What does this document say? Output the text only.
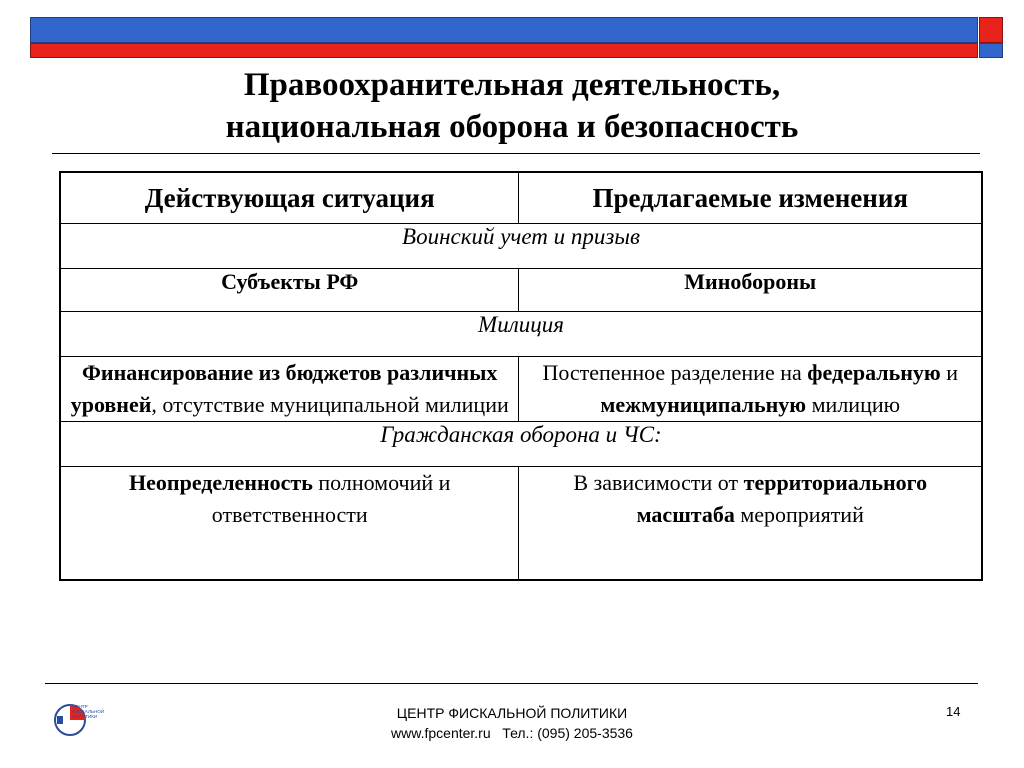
Правоохранительная деятельность,
национальная оборона и безопасность
Действующая ситуация	Предлагаемые изменения
Воинский учет и призыв	
Субъекты РФ	Минобороны
Милиция	
Финансирование из бюджетов различных уровней, отсутствие муниципальной милиции	Постепенное разделение на федеральную и межмуниципальную милицию
Гражданская оборона и ЧС:	
Неопределенность полномочий и ответственности	В зависимости от территориального масштаба мероприятий
ЦЕНТР
ФИСКАЛЬНОЙ
ПОЛИТИКИ	ЦЕНТР ФИСКАЛЬНОЙ ПОЛИТИКИ
www.fpcenter.ru   Тел.: (095) 205-3536
14
